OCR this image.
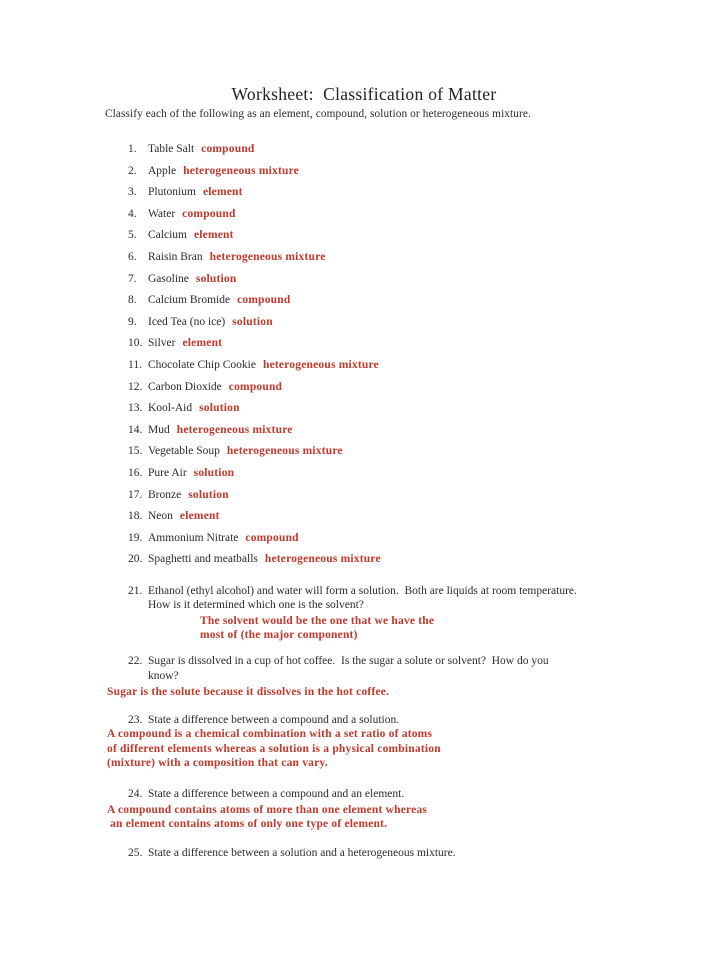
Worksheet:  Classification of Matter
Classify each of the following as an element, compound, solution or heterogeneous mixture.
1. Table Salt compound
2. Apple heterogeneous mixture
3. Plutonium element
4. Water compound
5. Calcium element
6. Raisin Bran heterogeneous mixture
7. Gasoline solution
8. Calcium Bromide compound
9. Iced Tea (no ice) solution
10. Silver element
11. Chocolate Chip Cookie heterogeneous mixture
12. Carbon Dioxide compound
13. Kool-Aid solution
14. Mud heterogeneous mixture
15. Vegetable Soup heterogeneous mixture
16. Pure Air solution
17. Bronze solution
18. Neon element
19. Ammonium Nitrate compound
20. Spaghetti and meatballs heterogeneous mixture
21. Ethanol (ethyl alcohol) and water will form a solution.  Both are liquids at room temperature.
How is it determined which one is the solvent?
The solvent would be the one that we have the
most of (the major component)
22. Sugar is dissolved in a cup of hot coffee.  Is the sugar a solute or solvent?  How do you
know?
Sugar is the solute because it dissolves in the hot coffee.
23. State a difference between a compound and a solution.
A compound is a chemical combination with a set ratio of atoms
of different elements whereas a solution is a physical combination
(mixture) with a composition that can vary.
24. State a difference between a compound and an element.
A compound contains atoms of more than one element whereas
an element contains atoms of only one type of element.
25. State a difference between a solution and a heterogeneous mixture.
